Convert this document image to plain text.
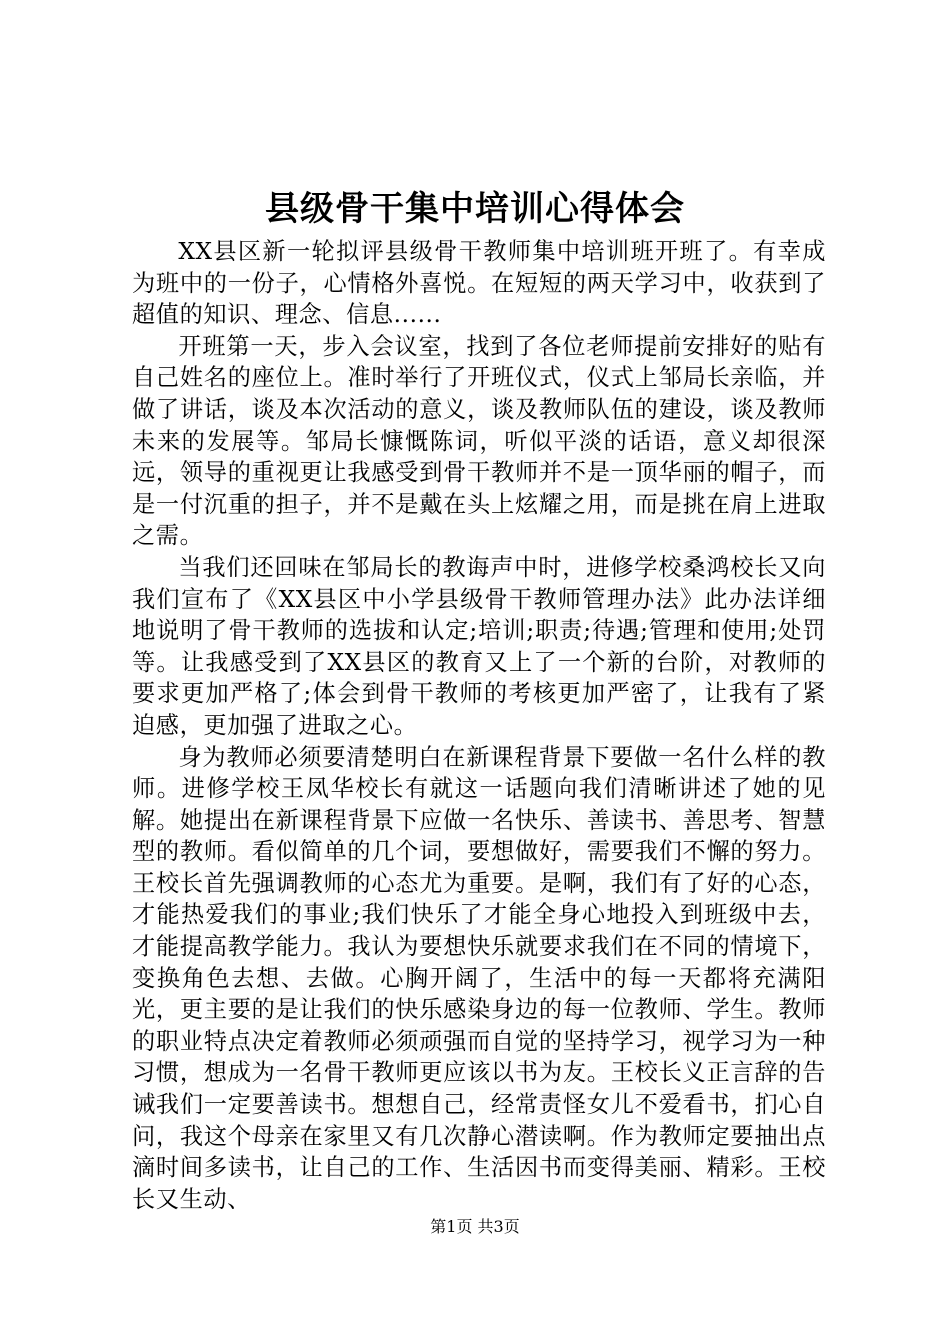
县级骨干集中培训心得体会

XX县区新一轮拟评县级骨干教师集中培训班开班了。有幸成为班中的一份子，心情格外喜悦。在短短的两天学习中，收获到了超值的知识、理念、信息......

开班第一天，步入会议室，找到了各位老师提前安排好的贴有自己姓名的座位上。准时举行了开班仪式，仪式上邹局长亲临，并做了讲话，谈及本次活动的意义，谈及教师队伍的建设，谈及教师未来的发展等。邹局长慷慨陈词，听似平淡的话语，意义却很深远，领导的重视更让我感受到骨干教师并不是一顶华丽的帽子，而是一付沉重的担子，并不是戴在头上炫耀之用，而是挑在肩上进取之需。

当我们还回味在邹局长的教诲声中时，进修学校桑鸿校长又向我们宣布了《XX县区中小学县级骨干教师管理办法》此办法详细地说明了骨干教师的选拔和认定;培训;职责;待遇;管理和使用;处罚等。让我感受到了XX县区的教育又上了一个新的台阶，对教师的要求更加严格了;体会到骨干教师的考核更加严密了，让我有了紧迫感，更加强了进取之心。

身为教师必须要清楚明白在新课程背景下要做一名什么样的教师。进修学校王凤华校长有就这一话题向我们清晰讲述了她的见解。她提出在新课程背景下应做一名快乐、善读书、善思考、智慧型的教师。看似简单的几个词，要想做好，需要我们不懈的努力。王校长首先强调教师的心态尤为重要。是啊，我们有了好的心态，才能热爱我们的事业;我们快乐了才能全身心地投入到班级中去，才能提高教学能力。我认为要想快乐就要求我们在不同的情境下，变换角色去想、去做。心胸开阔了，生活中的每一天都将充满阳光，更主要的是让我们的快乐感染身边的每一位教师、学生。教师的职业特点决定着教师必须顽强而自觉的坚持学习，视学习为一种习惯，想成为一名骨干教师更应该以书为友。王校长义正言辞的告诫我们一定要善读书。想想自己，经常责怪女儿不爱看书，扪心自问，我这个母亲在家里又有几次静心潜读啊。作为教师定要抽出点滴时间多读书，让自己的工作、生活因书而变得美丽、精彩。王校长又生动、

第1页 共3页
